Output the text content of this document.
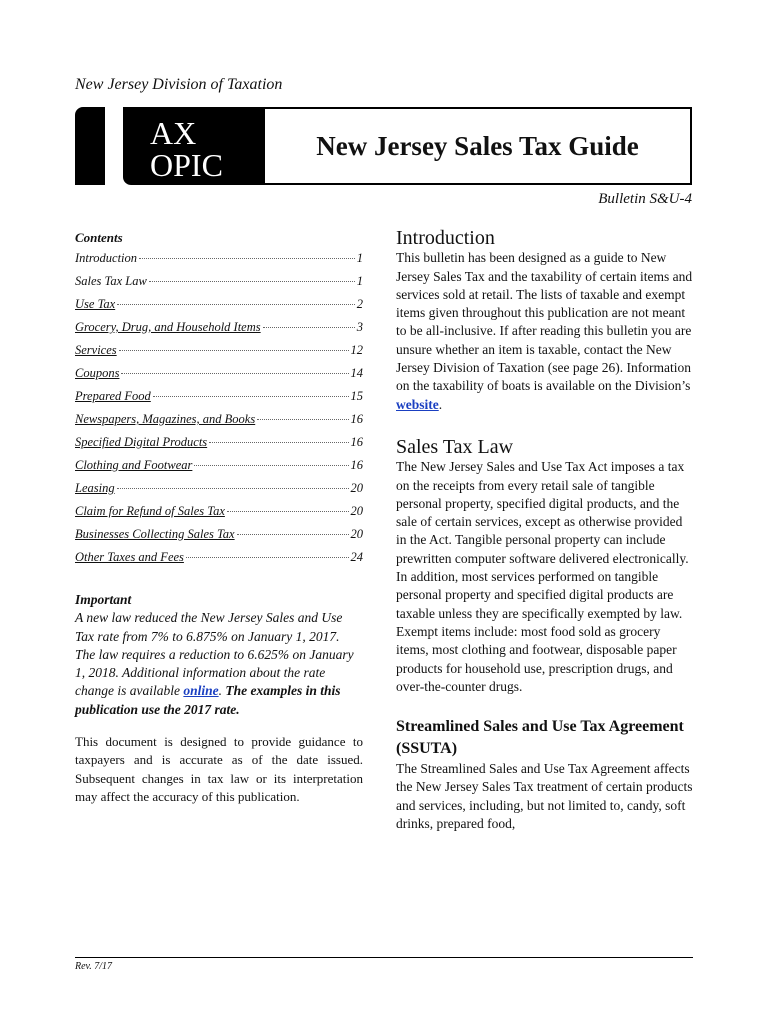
New Jersey Division of Taxation
AX
OPIC
New Jersey Sales Tax Guide
Bulletin S&U-4
Contents
Introduction	1
Sales Tax Law	1
Use Tax	2
Grocery, Drug, and Household Items	3
Services	12
Coupons	14
Prepared Food	15
Newspapers, Magazines, and Books	16
Specified Digital Products	16
Clothing and Footwear	16
Leasing	20
Claim for Refund of Sales Tax	20
Businesses Collecting Sales Tax	20
Other Taxes and Fees	24
Important
A new law reduced the New Jersey Sales and Use Tax rate from 7% to 6.875% on January 1, 2017. The law requires a reduction to 6.625% on January 1, 2018. Additional information about the rate change is available online. The examples in this publication use the 2017 rate.
This document is designed to provide guidance to taxpayers and is accurate as of the date issued. Subsequent changes in tax law or its interpretation may affect the accuracy of this publication.
Introduction

This bulletin has been designed as a guide to New Jersey Sales Tax and the taxability of certain items and services sold at retail. The lists of taxable and exempt items given throughout this publication are not meant to be all-inclusive. If after reading this bulletin you are unsure whether an item is taxable, contact the New Jersey Division of Taxation (see page 26). Information on the taxability of boats is available on the Division’s website.

Sales Tax Law

The New Jersey Sales and Use Tax Act imposes a tax on the receipts from every retail sale of tangible personal property, specified digital products, and the sale of certain services, except as otherwise provided in the Act. Tangible personal property can include prewritten computer software delivered electronically. In addition, most services performed on tangible personal property and specified digital products are taxable unless they are specifically exempted by law. Exempt items include: most food sold as grocery items, most clothing and footwear, disposable paper products for household use, prescription drugs, and over-the-counter drugs.

Streamlined Sales and Use Tax Agreement (SSUTA)

The Streamlined Sales and Use Tax Agreement affects the New Jersey Sales Tax treatment of certain products and services, including, but not limited to, candy, soft drinks, prepared food,

Rev. 7/17
